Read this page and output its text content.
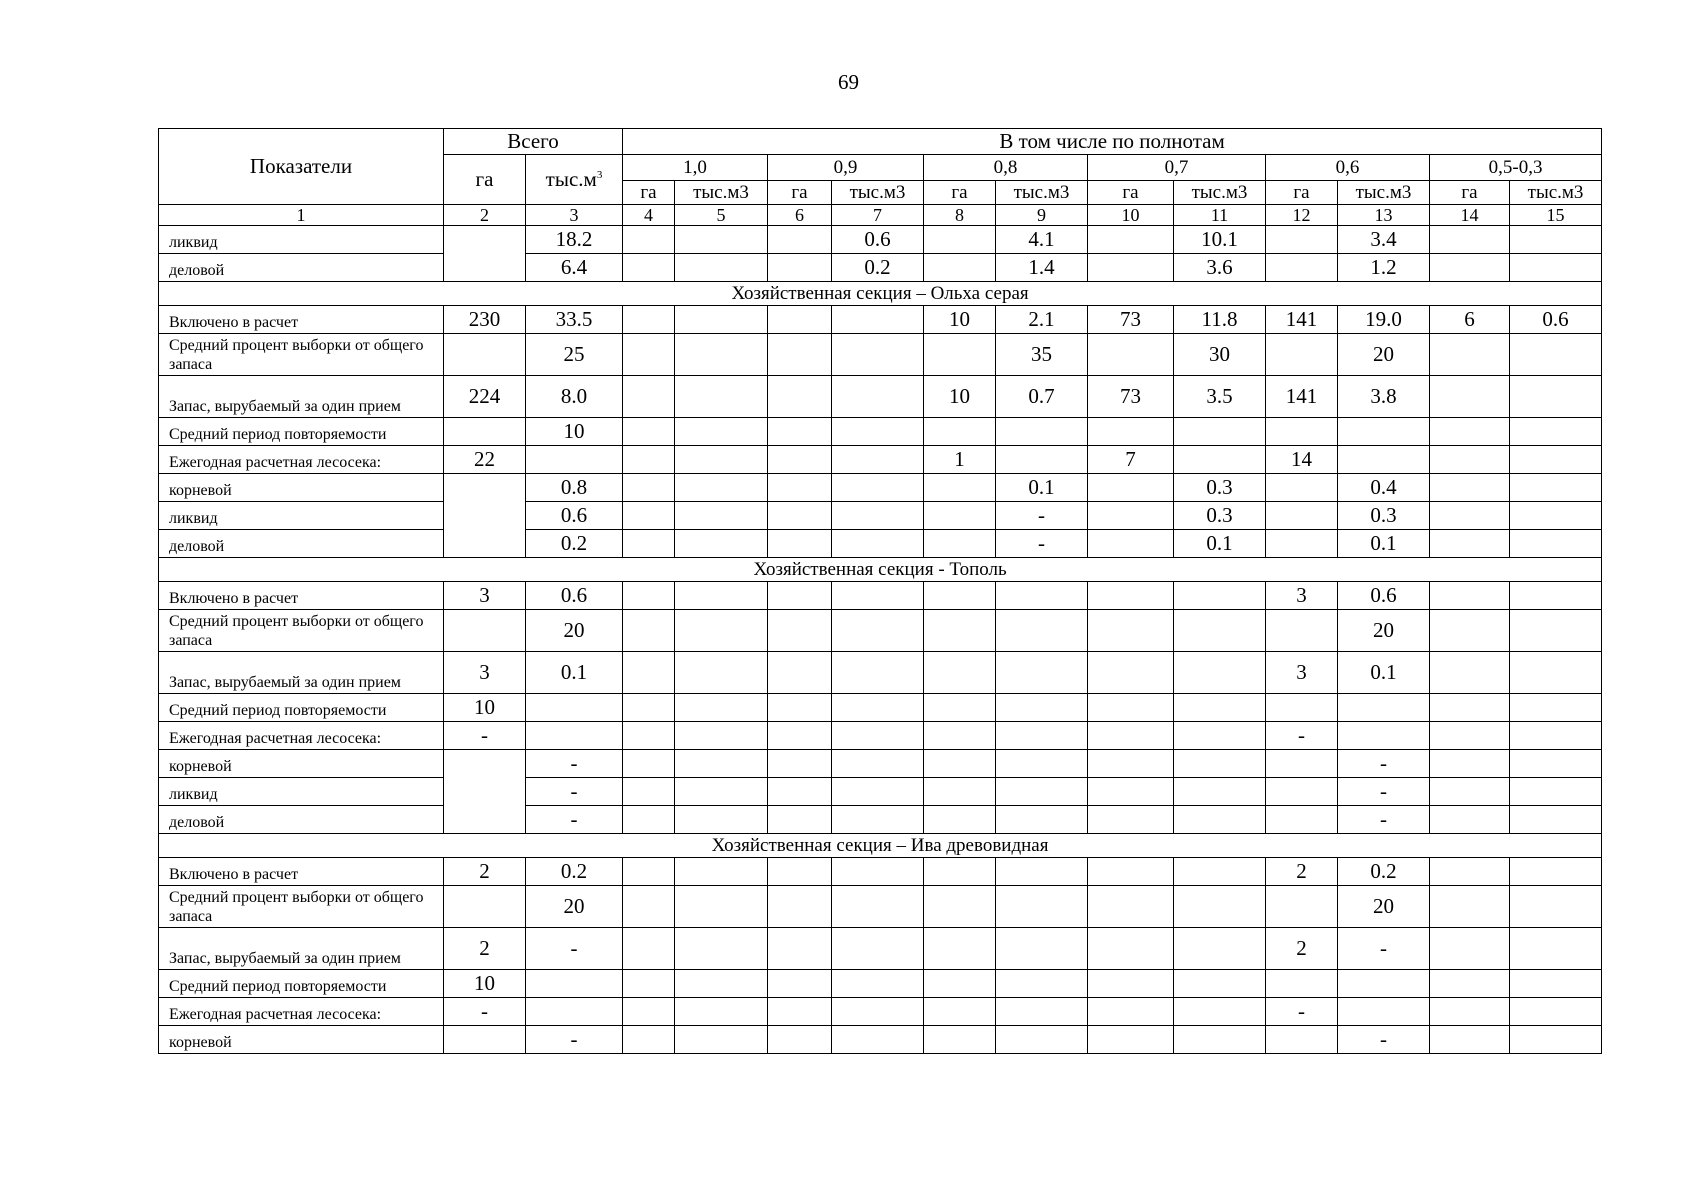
69
Показатели	Всего		В том числе по полнотам											
	га	$тыс.м^3$	1,0		0,9		0,8		0,7		0,6		0,5-0,3	
			га	тыс.м3	га	тыс.м3	га	тыс.м3	га	тыс.м3	га	тыс.м3	га	тыс.м3
1	2	3	4	5	6	7	8	9	10	11	12	13	14	15
ликвид		18.2				0.6		4.1		10.1		3.4		
деловой		6.4				0.2		1.4		3.6		1.2		
Хозяйственная секция – Ольха серая														
Включено в расчет	230	33.5					10	2.1	73	11.8	141	19.0	6	0.6
Средний процент выборки от общего запаса		25						35		30		20		
Запас, вырубаемый за один прием	224	8.0					10	0.7	73	3.5	141	3.8		
Средний период повторяемости		10												
Ежегодная расчетная лесосека:	22						1		7		14			
корневой		0.8						0.1		0.3		0.4		
ликвид		0.6						-		0.3		0.3		
деловой		0.2						-		0.1		0.1		
Хозяйственная секция - Тополь														
Включено в расчет	3	0.6									3	0.6		
Средний процент выборки от общего запаса		20										20		
Запас, вырубаемый за один прием	3	0.1									3	0.1		
Средний период повторяемости	10													
Ежегодная расчетная лесосека:	-										-			
корневой		-										-		
ликвид		-										-		
деловой		-										-		
Хозяйственная секция – Ива древовидная														
Включено в расчет	2	0.2									2	0.2		
Средний процент выборки от общего запаса		20										20		
Запас, вырубаемый за один прием	2	-									2	-		
Средний период повторяемости	10													
Ежегодная расчетная лесосека:	-										-			
корневой		-										-		
